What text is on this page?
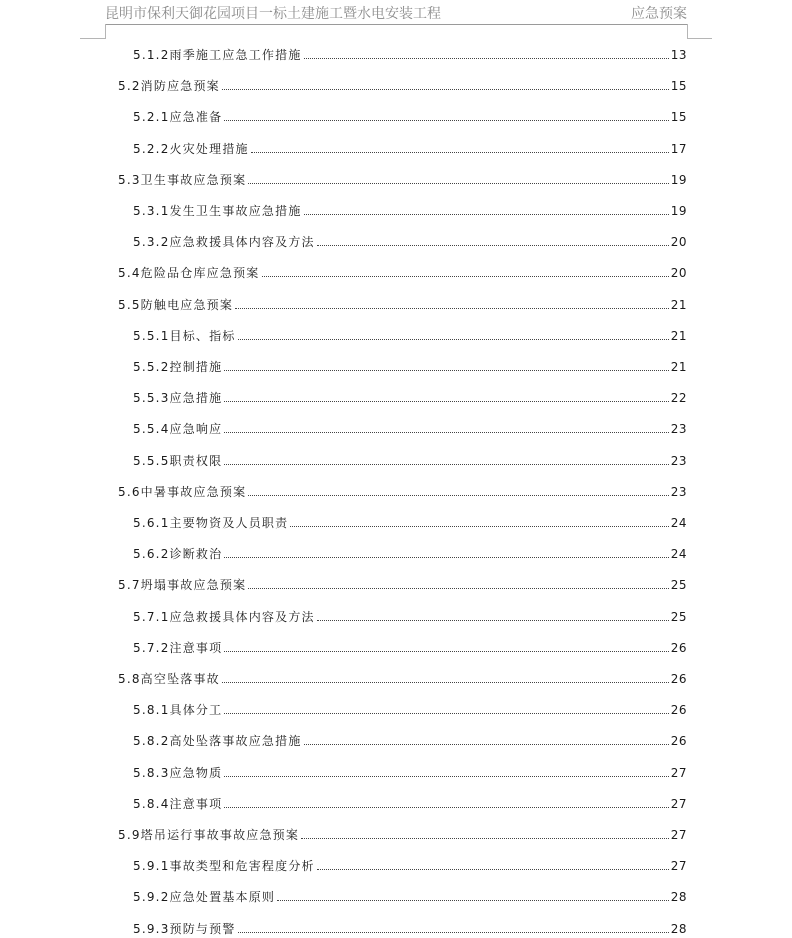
昆明市保利天御花园项目一标土建施工暨水电安装工程	应急预案
5.1.2雨季施工应急工作措施	13
5.2消防应急预案	15
5.2.1应急准备	15
5.2.2火灾处理措施	17
5.3卫生事故应急预案	19
5.3.1发生卫生事故应急措施	19
5.3.2应急救援具体内容及方法	20
5.4危险品仓库应急预案	20
5.5防触电应急预案	21
5.5.1目标、指标	21
5.5.2控制措施	21
5.5.3应急措施	22
5.5.4应急响应	23
5.5.5职责权限	23
5.6中暑事故应急预案	23
5.6.1主要物资及人员职责	24
5.6.2诊断救治	24
5.7坍塌事故应急预案	25
5.7.1应急救援具体内容及方法	25
5.7.2注意事项	26
5.8高空坠落事故	26
5.8.1具体分工	26
5.8.2高处坠落事故应急措施	26
5.8.3应急物质	27
5.8.4注意事项	27
5.9塔吊运行事故事故应急预案	27
5.9.1事故类型和危害程度分析	27
5.9.2应急处置基本原则	28
5.9.3预防与预警	28
